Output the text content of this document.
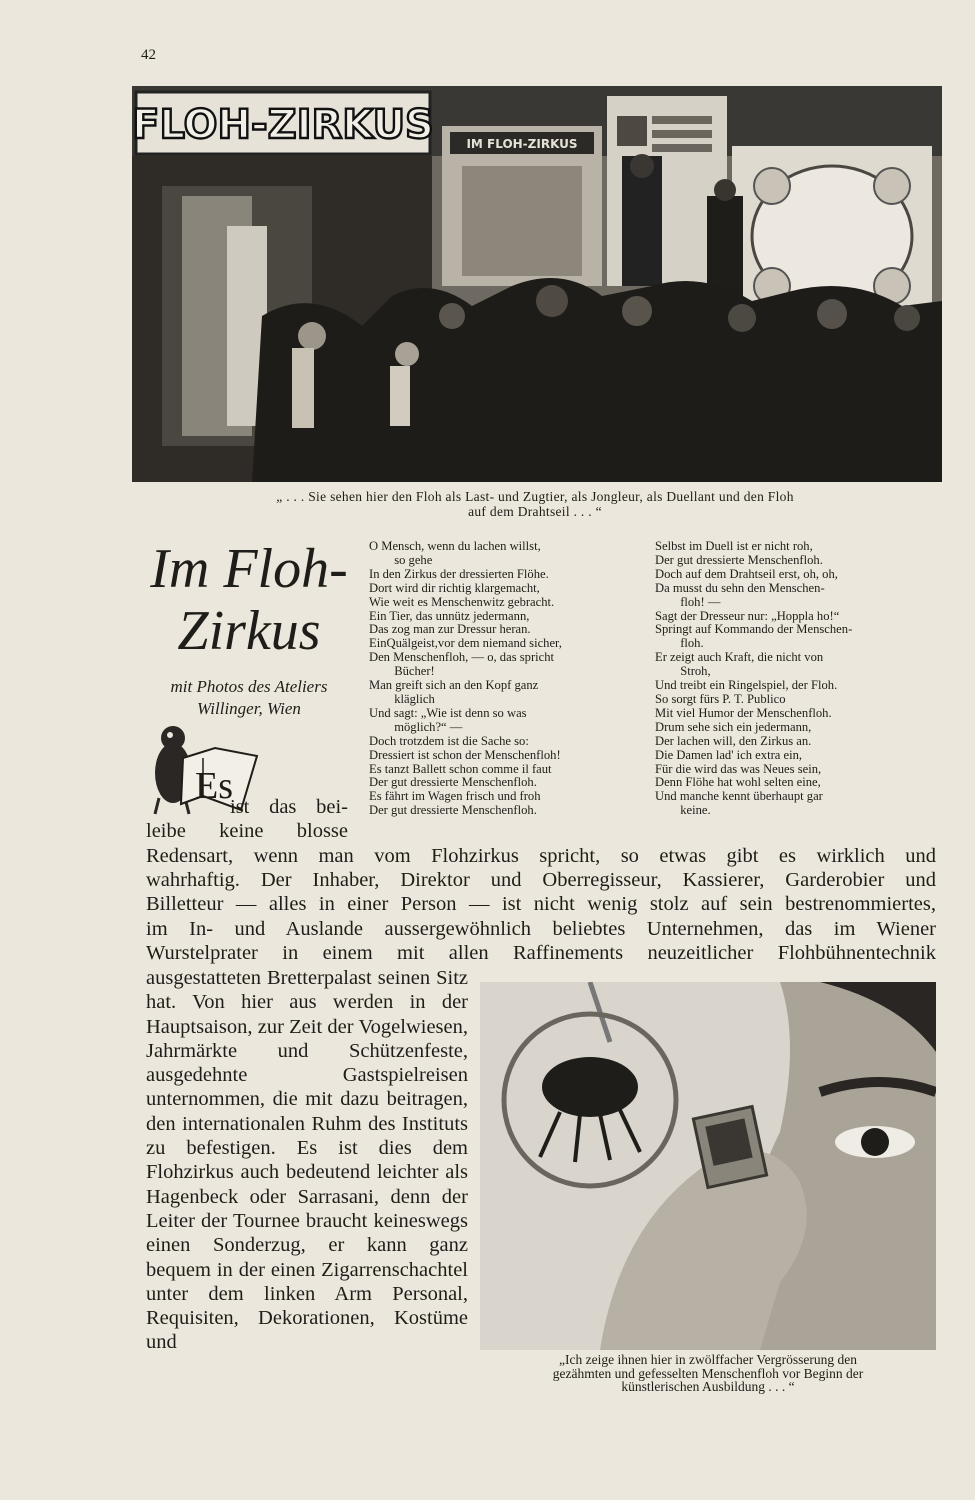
42
FLOH-ZIRKUS	IM FLOH-ZIRKUS
„ . . . Sie sehen hier den Floh als Last- und Zugtier, als Jongleur, als Duellant und den Floh
auf dem Drahtseil . . . “
Im Floh-
Zirkus
mit Photos des Ateliers
Willinger, Wien
O Mensch, wenn du lachen willst,
so gehe
In den Zirkus der dressierten Flöhe.
Dort wird dir richtig klargemacht,
Wie weit es Menschenwitz gebracht.
Ein Tier, das unnütz jedermann,
Das zog man zur Dressur heran.
EinQuälgeist,vor dem niemand sicher,
Den Menschenfloh, — o, das spricht
Bücher!
Man greift sich an den Kopf ganz
kläglich
Und sagt: „Wie ist denn so was
möglich?“ —
Doch trotzdem ist die Sache so:
Dressiert ist schon der Menschenfloh!
Es tanzt Ballett schon comme il faut
Der gut dressierte Menschenfloh.
Es fährt im Wagen frisch und froh
Der gut dressierte Menschenfloh.
Selbst im Duell ist er nicht roh,
Der gut dressierte Menschenfloh.
Doch auf dem Drahtseil erst, oh, oh,
Da musst du sehn den Menschen-
floh! —
Sagt der Dresseur nur: „Hoppla ho!“
Springt auf Kommando der Menschen-
floh.
Er zeigt auch Kraft, die nicht von
Stroh,
Und treibt ein Ringelspiel, der Floh.
So sorgt fürs P. T. Publico
Mit viel Humor der Menschenfloh.
Drum sehe sich ein jedermann,
Der lachen will, den Zirkus an.
Die Damen lad' ich extra ein,
Für die wird das was Neues sein,
Denn Flöhe hat wohl selten eine,
Und manche kennt überhaupt gar
keine.
Es
ist das bei-
leibe keine blosse
Redensart, wenn man vom Flohzirkus spricht, so etwas gibt es wirklich und
wahrhaftig. Der Inhaber, Direktor und Oberregisseur, Kassierer, Garderobier und
Billetteur — alles in einer Person — ist nicht wenig stolz auf sein bestrenommiertes,
im In- und Auslande aussergewöhnlich beliebtes Unternehmen, das im Wiener
Wurstelprater in einem mit allen Raffinements neuzeitlicher Flohbühnentechnik

ausgestatteten Bretterpalast seinen Sitz hat. Von hier aus werden in der Hauptsaison, zur Zeit der Vogelwiesen, Jahrmärkte und Schützenfeste, ausgedehnte Gastspielreisen unternommen, die mit dazu beitragen, den internationalen Ruhm des Instituts zu befestigen. Es ist dies dem Flohzirkus auch bedeutend leichter als Hagenbeck oder Sarrasani, denn der Leiter der Tournee braucht keineswegs einen Sonderzug, er kann ganz bequem in der einen Zigarrenschachtel unter dem linken Arm Personal, Requisiten, Dekorationen, Kostüme und

„Ich zeige ihnen hier in zwölffacher Vergrösserung den
gezähmten und gefesselten Menschenfloh vor Beginn der
künstlerischen Ausbildung . . . “
